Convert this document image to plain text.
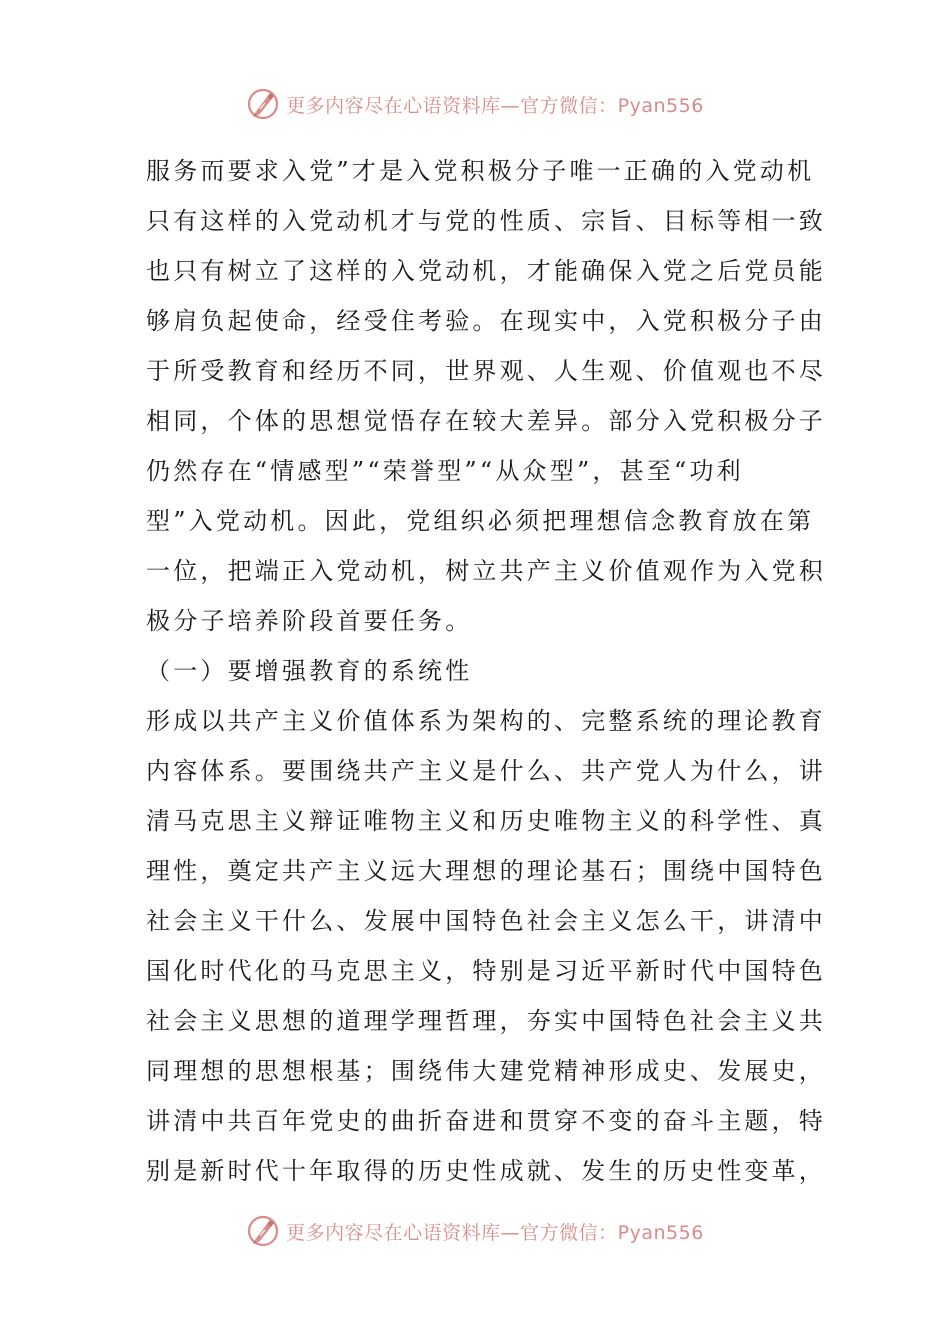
更多内容尽在心语资料库—官方微信：Pyan556
服务而要求入党”才是入党积极分子唯一正确的入党动机
只有这样的入党动机才与党的性质、宗旨、目标等相一致
也只有树立了这样的入党动机，才能确保入党之后党员能
够肩负起使命，经受住考验。在现实中，入党积极分子由
于所受教育和经历不同，世界观、人生观、价值观也不尽
相同，个体的思想觉悟存在较大差异。部分入党积极分子
仍然存在“情感型”“荣誉型”“从众型”，甚至“功利
型”入党动机。因此，党组织必须把理想信念教育放在第
一位，把端正入党动机，树立共产主义价值观作为入党积
极分子培养阶段首要任务。
（一）要增强教育的系统性
形成以共产主义价值体系为架构的、完整系统的理论教育
内容体系。要围绕共产主义是什么、共产党人为什么，讲
清马克思主义辩证唯物主义和历史唯物主义的科学性、真
理性，奠定共产主义远大理想的理论基石；围绕中国特色
社会主义干什么、发展中国特色社会主义怎么干，讲清中
国化时代化的马克思主义，特别是习近平新时代中国特色
社会主义思想的道理学理哲理，夯实中国特色社会主义共
同理想的思想根基；围绕伟大建党精神形成史、发展史，
讲清中共百年党史的曲折奋进和贯穿不变的奋斗主题，特
别是新时代十年取得的历史性成就、发生的历史性变革，
更多内容尽在心语资料库—官方微信：Pyan556
